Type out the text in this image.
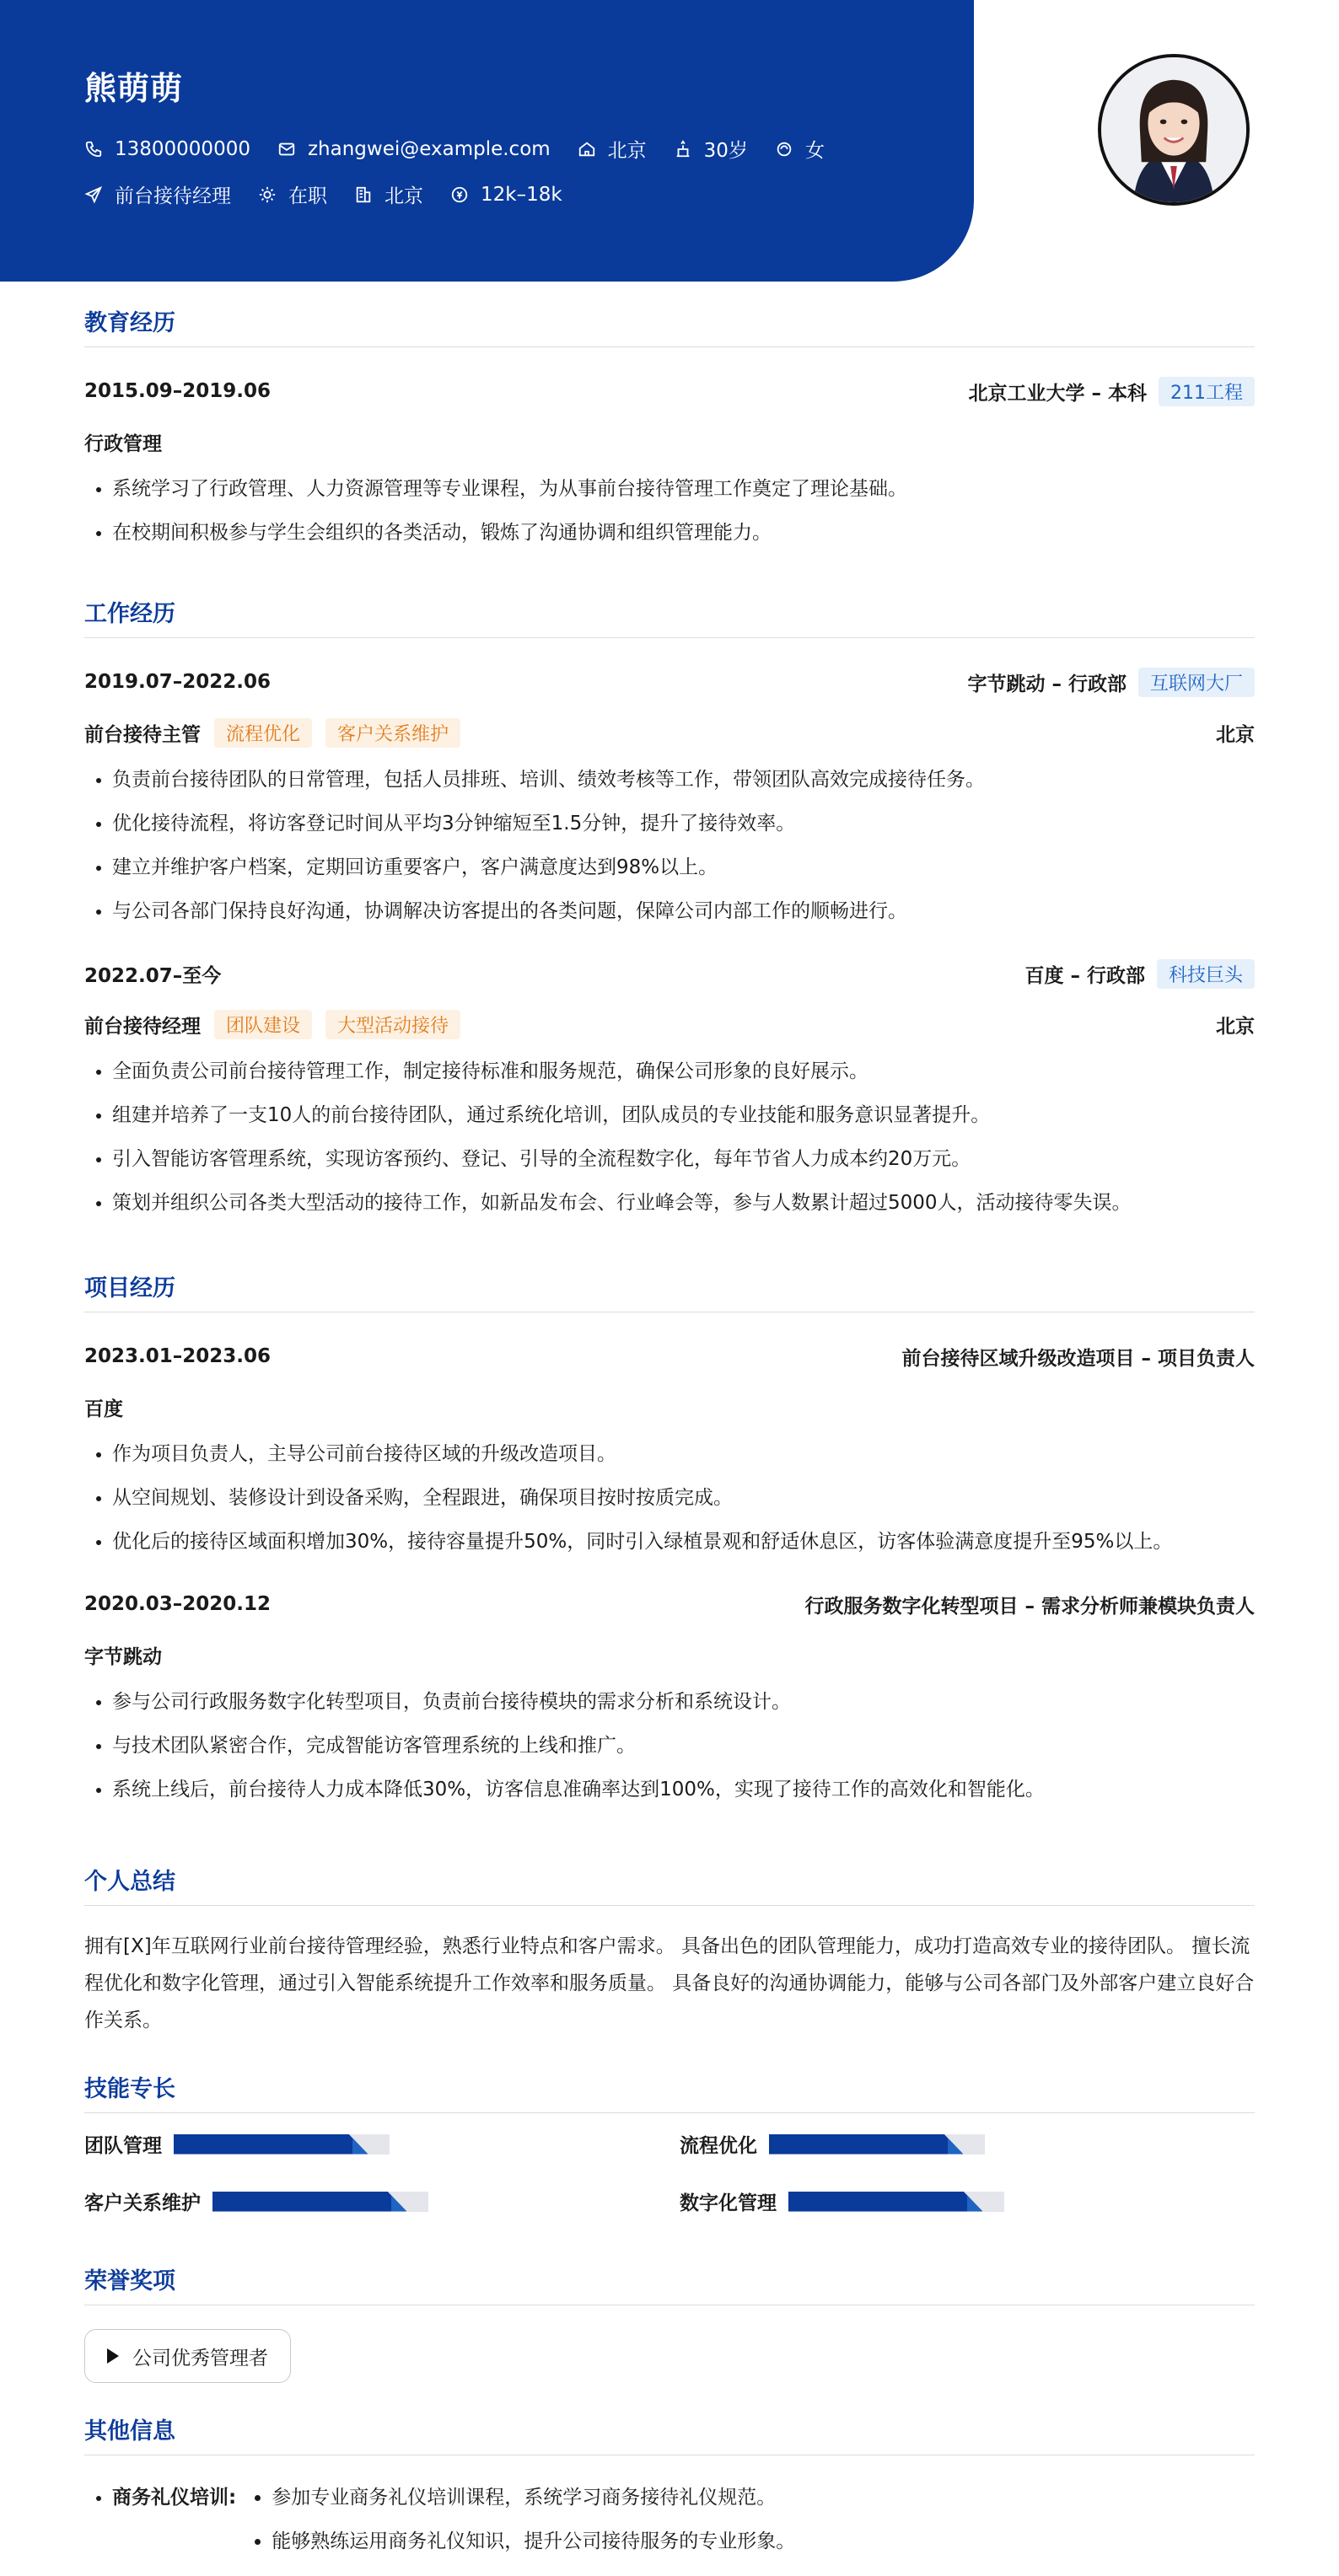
熊萌萌
13800000000	zhangwei@example.com	北京	30岁	女
前台接待经理	在职	北京	12k–18k
教育经历
2015.09–2019.06	北京工业大学 – 本科	211工程
行政管理
• 系统学习了行政管理、人力资源管理等专业课程，为从事前台接待管理工作奠定了理论基础。
• 在校期间积极参与学生会组织的各类活动，锻炼了沟通协调和组织管理能力。
工作经历
2019.07–2022.06	字节跳动 – 行政部	互联网大厂
前台接待主管	流程优化	客户关系维护	北京
• 负责前台接待团队的日常管理，包括人员排班、培训、绩效考核等工作，带领团队高效完成接待任务。
• 优化接待流程，将访客登记时间从平均3分钟缩短至1.5分钟，提升了接待效率。
• 建立并维护客户档案，定期回访重要客户，客户满意度达到98%以上。
• 与公司各部门保持良好沟通，协调解决访客提出的各类问题，保障公司内部工作的顺畅进行。
2022.07–至今	百度 – 行政部	科技巨头
前台接待经理	团队建设	大型活动接待	北京
• 全面负责公司前台接待管理工作，制定接待标准和服务规范，确保公司形象的良好展示。
• 组建并培养了一支10人的前台接待团队，通过系统化培训，团队成员的专业技能和服务意识显著提升。
• 引入智能访客管理系统，实现访客预约、登记、引导的全流程数字化，每年节省人力成本约20万元。
• 策划并组织公司各类大型活动的接待工作，如新品发布会、行业峰会等，参与人数累计超过5000人，活动接待零失误。
项目经历
2023.01–2023.06	前台接待区域升级改造项目 – 项目负责人
百度
• 作为项目负责人，主导公司前台接待区域的升级改造项目。
• 从空间规划、装修设计到设备采购，全程跟进，确保项目按时按质完成。
• 优化后的接待区域面积增加30%，接待容量提升50%，同时引入绿植景观和舒适休息区，访客体验满意度提升至95%以上。
2020.03–2020.12	行政服务数字化转型项目 – 需求分析师兼模块负责人
字节跳动
• 参与公司行政服务数字化转型项目，负责前台接待模块的需求分析和系统设计。
• 与技术团队紧密合作，完成智能访客管理系统的上线和推广。
• 系统上线后，前台接待人力成本降低30%，访客信息准确率达到100%，实现了接待工作的高效化和智能化。
个人总结
拥有[X]年互联网行业前台接待管理经验，熟悉行业特点和客户需求。 具备出色的团队管理能力，成功打造高效专业的接待团队。 擅长流程优化和数字化管理，通过引入智能系统提升工作效率和服务质量。 具备良好的沟通协调能力，能够与公司各部门及外部客户建立良好合作关系。
技能专长
团队管理	流程优化
客户关系维护	数字化管理
荣誉奖项
公司优秀管理者
其他信息
• 商务礼仪培训:
• 参加专业商务礼仪培训课程，系统学习商务接待礼仪规范。
• 能够熟练运用商务礼仪知识，提升公司接待服务的专业形象。
